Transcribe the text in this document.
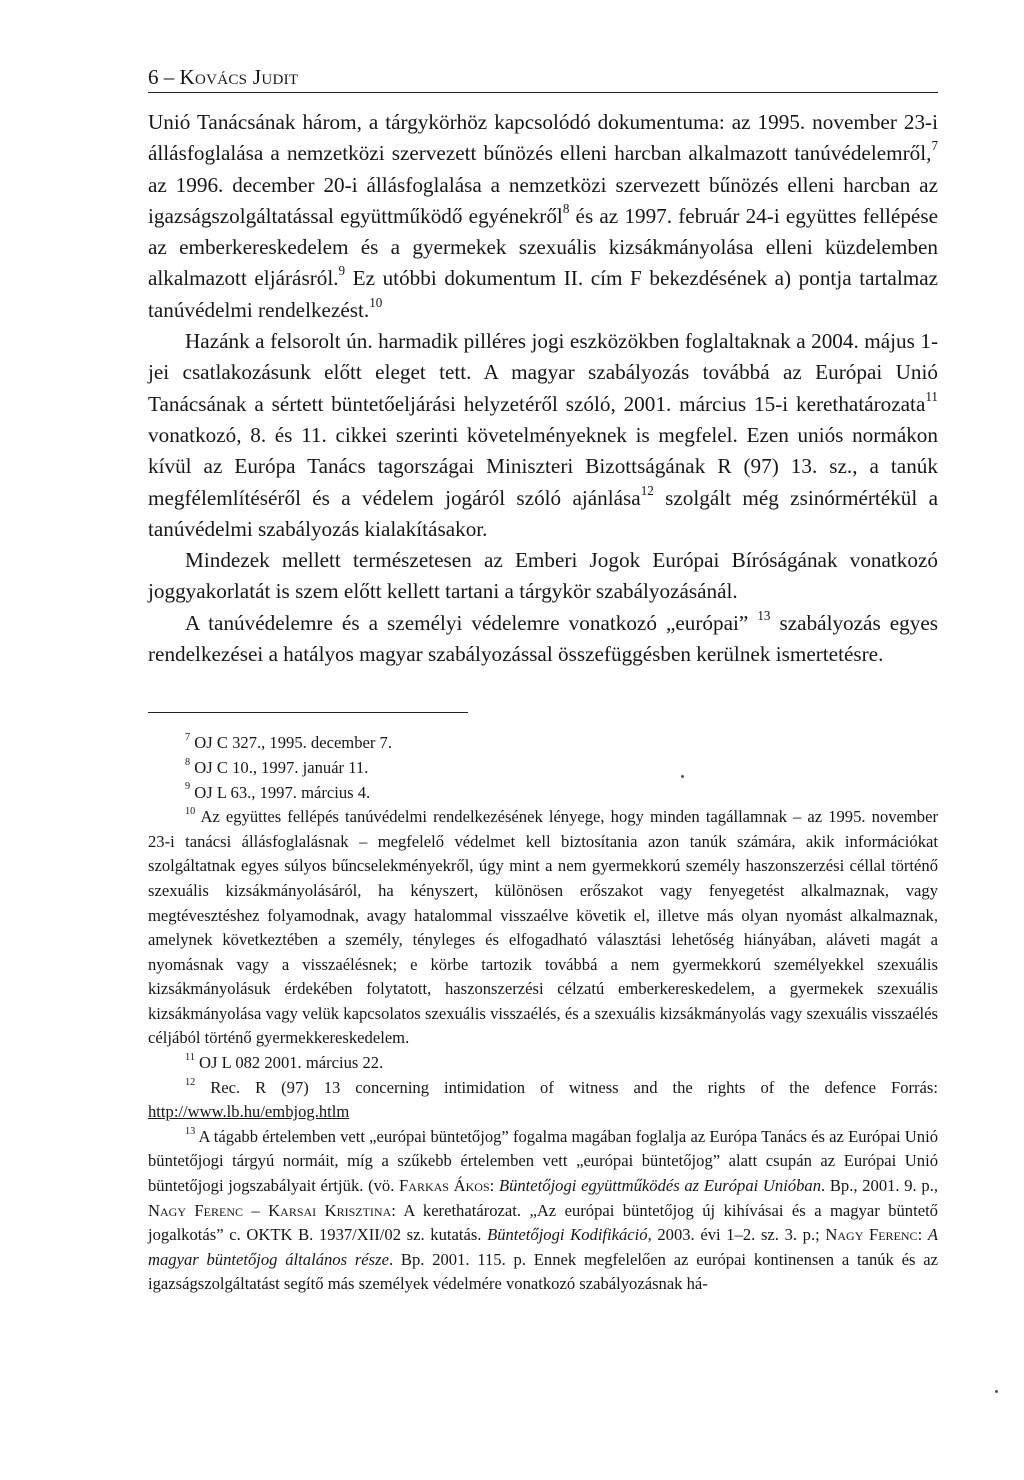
6 – Kovács Judit

Unió Tanácsának három, a tárgykörhöz kapcsolódó dokumentuma: az 1995. november 23-i állásfoglalása a nemzetközi szervezett bűnözés elleni harcban alkalmazott tanúvédelemről,$^7$ az 1996. december 20-i állásfoglalása a nemzetközi szervezett bűnözés elleni harcban az igazságszolgáltatással együttműködő egyénekről$^8$ és az 1997. február 24-i együttes fellépése az emberkereskedelem és a gyermekek szexuális kizsákmányolása elleni küzdelemben alkalmazott eljárásról.$^9$ Ez utóbbi dokumentum II. cím F bekezdésének a) pontja tartalmaz tanúvédelmi rendelkezést.$^{10}$

Hazánk a felsorolt ún. harmadik pilléres jogi eszközökben foglaltaknak a 2004. május 1-jei csatlakozásunk előtt eleget tett. A magyar szabályozás továbbá az Európai Unió Tanácsának a sértett büntetőeljárási helyzetéről szóló, 2001. március 15-i kerethatározata$^{11}$ vonatkozó, 8. és 11. cikkei szerinti követelményeknek is megfelel. Ezen uniós normákon kívül az Európa Tanács tagországai Miniszteri Bizottságának R (97) 13. sz., a tanúk megfélemlítéséről és a védelem jogáról szóló ajánlása$^{12}$ szolgált még zsinórmértékül a tanúvédelmi szabályozás kialakításakor.

Mindezek mellett természetesen az Emberi Jogok Európai Bíróságának vonatkozó joggyakorlatát is szem előtt kellett tartani a tárgykör szabályozásánál.

A tanúvédelemre és a személyi védelemre vonatkozó „európai” $^{13}$ szabályozás egyes rendelkezései a hatályos magyar szabályozással összefüggésben kerülnek ismertetésre.

$^7$ OJ C 327., 1995. december 7.

$^8$ OJ C 10., 1997. január 11.

$^9$ OJ L 63., 1997. március 4.

$^{10}$ Az együttes fellépés tanúvédelmi rendelkezésének lényege, hogy minden tagállamnak – az 1995. november 23-i tanácsi állásfoglalásnak – megfelelő védelmet kell biztosítania azon tanúk számára, akik információkat szolgáltatnak egyes súlyos bűncselekményekről, úgy mint a nem gyermekkorú személy haszonszerzési céllal történő szexuális kizsákmányolásáról, ha kényszert, különösen erőszakot vagy fenyegetést alkalmaznak, vagy megtévesztéshez folyamodnak, avagy hatalommal visszaélve követik el, illetve más olyan nyomást alkalmaznak, amelynek következtében a személy, tényleges és elfogadható választási lehetőség hiányában, aláveti magát a nyomásnak vagy a visszaélésnek; e körbe tartozik továbbá a nem gyermekkorú személyekkel szexuális kizsákmányolásuk érdekében folytatott, haszonszerzési célzatú emberkereskedelem, a gyermekek szexuális kizsákmányolása vagy velük kapcsolatos szexuális visszaélés, és a szexuális kizsákmányolás vagy szexuális visszaélés céljából történő gyermekkereskedelem.

$^{11}$ OJ L 082 2001. március 22.

$^{12}$ Rec. R (97) 13 concerning intimidation of witness and the rights of the defence Forrás: http://www.lb.hu/embjog.htlm

$^{13}$ A tágabb értelemben vett „európai büntetőjog” fogalma magában foglalja az Európa Tanács és az Európai Unió büntetőjogi tárgyú normáit, míg a szűkebb értelemben vett „európai büntetőjog” alatt csupán az Európai Unió büntetőjogi jogszabályait értjük. (vö. Farkas Ákos: Büntetőjogi együttműködés az Európai Unióban. Bp., 2001. 9. p., Nagy Ferenc – Karsai Krisztina: A kerethatározat. „Az európai büntetőjog új kihívásai és a magyar büntető jogalkotás” c. OKTK B. 1937/XII/02 sz. kutatás. Büntetőjogi Kodifikáció, 2003. évi 1–2. sz. 3. p.; Nagy Ferenc: A magyar büntetőjog általános része. Bp. 2001. 115. p. Ennek megfelelően az európai kontinensen a tanúk és az igazságszolgáltatást segítő más személyek védelmére vonatkozó szabályozásnak há-
